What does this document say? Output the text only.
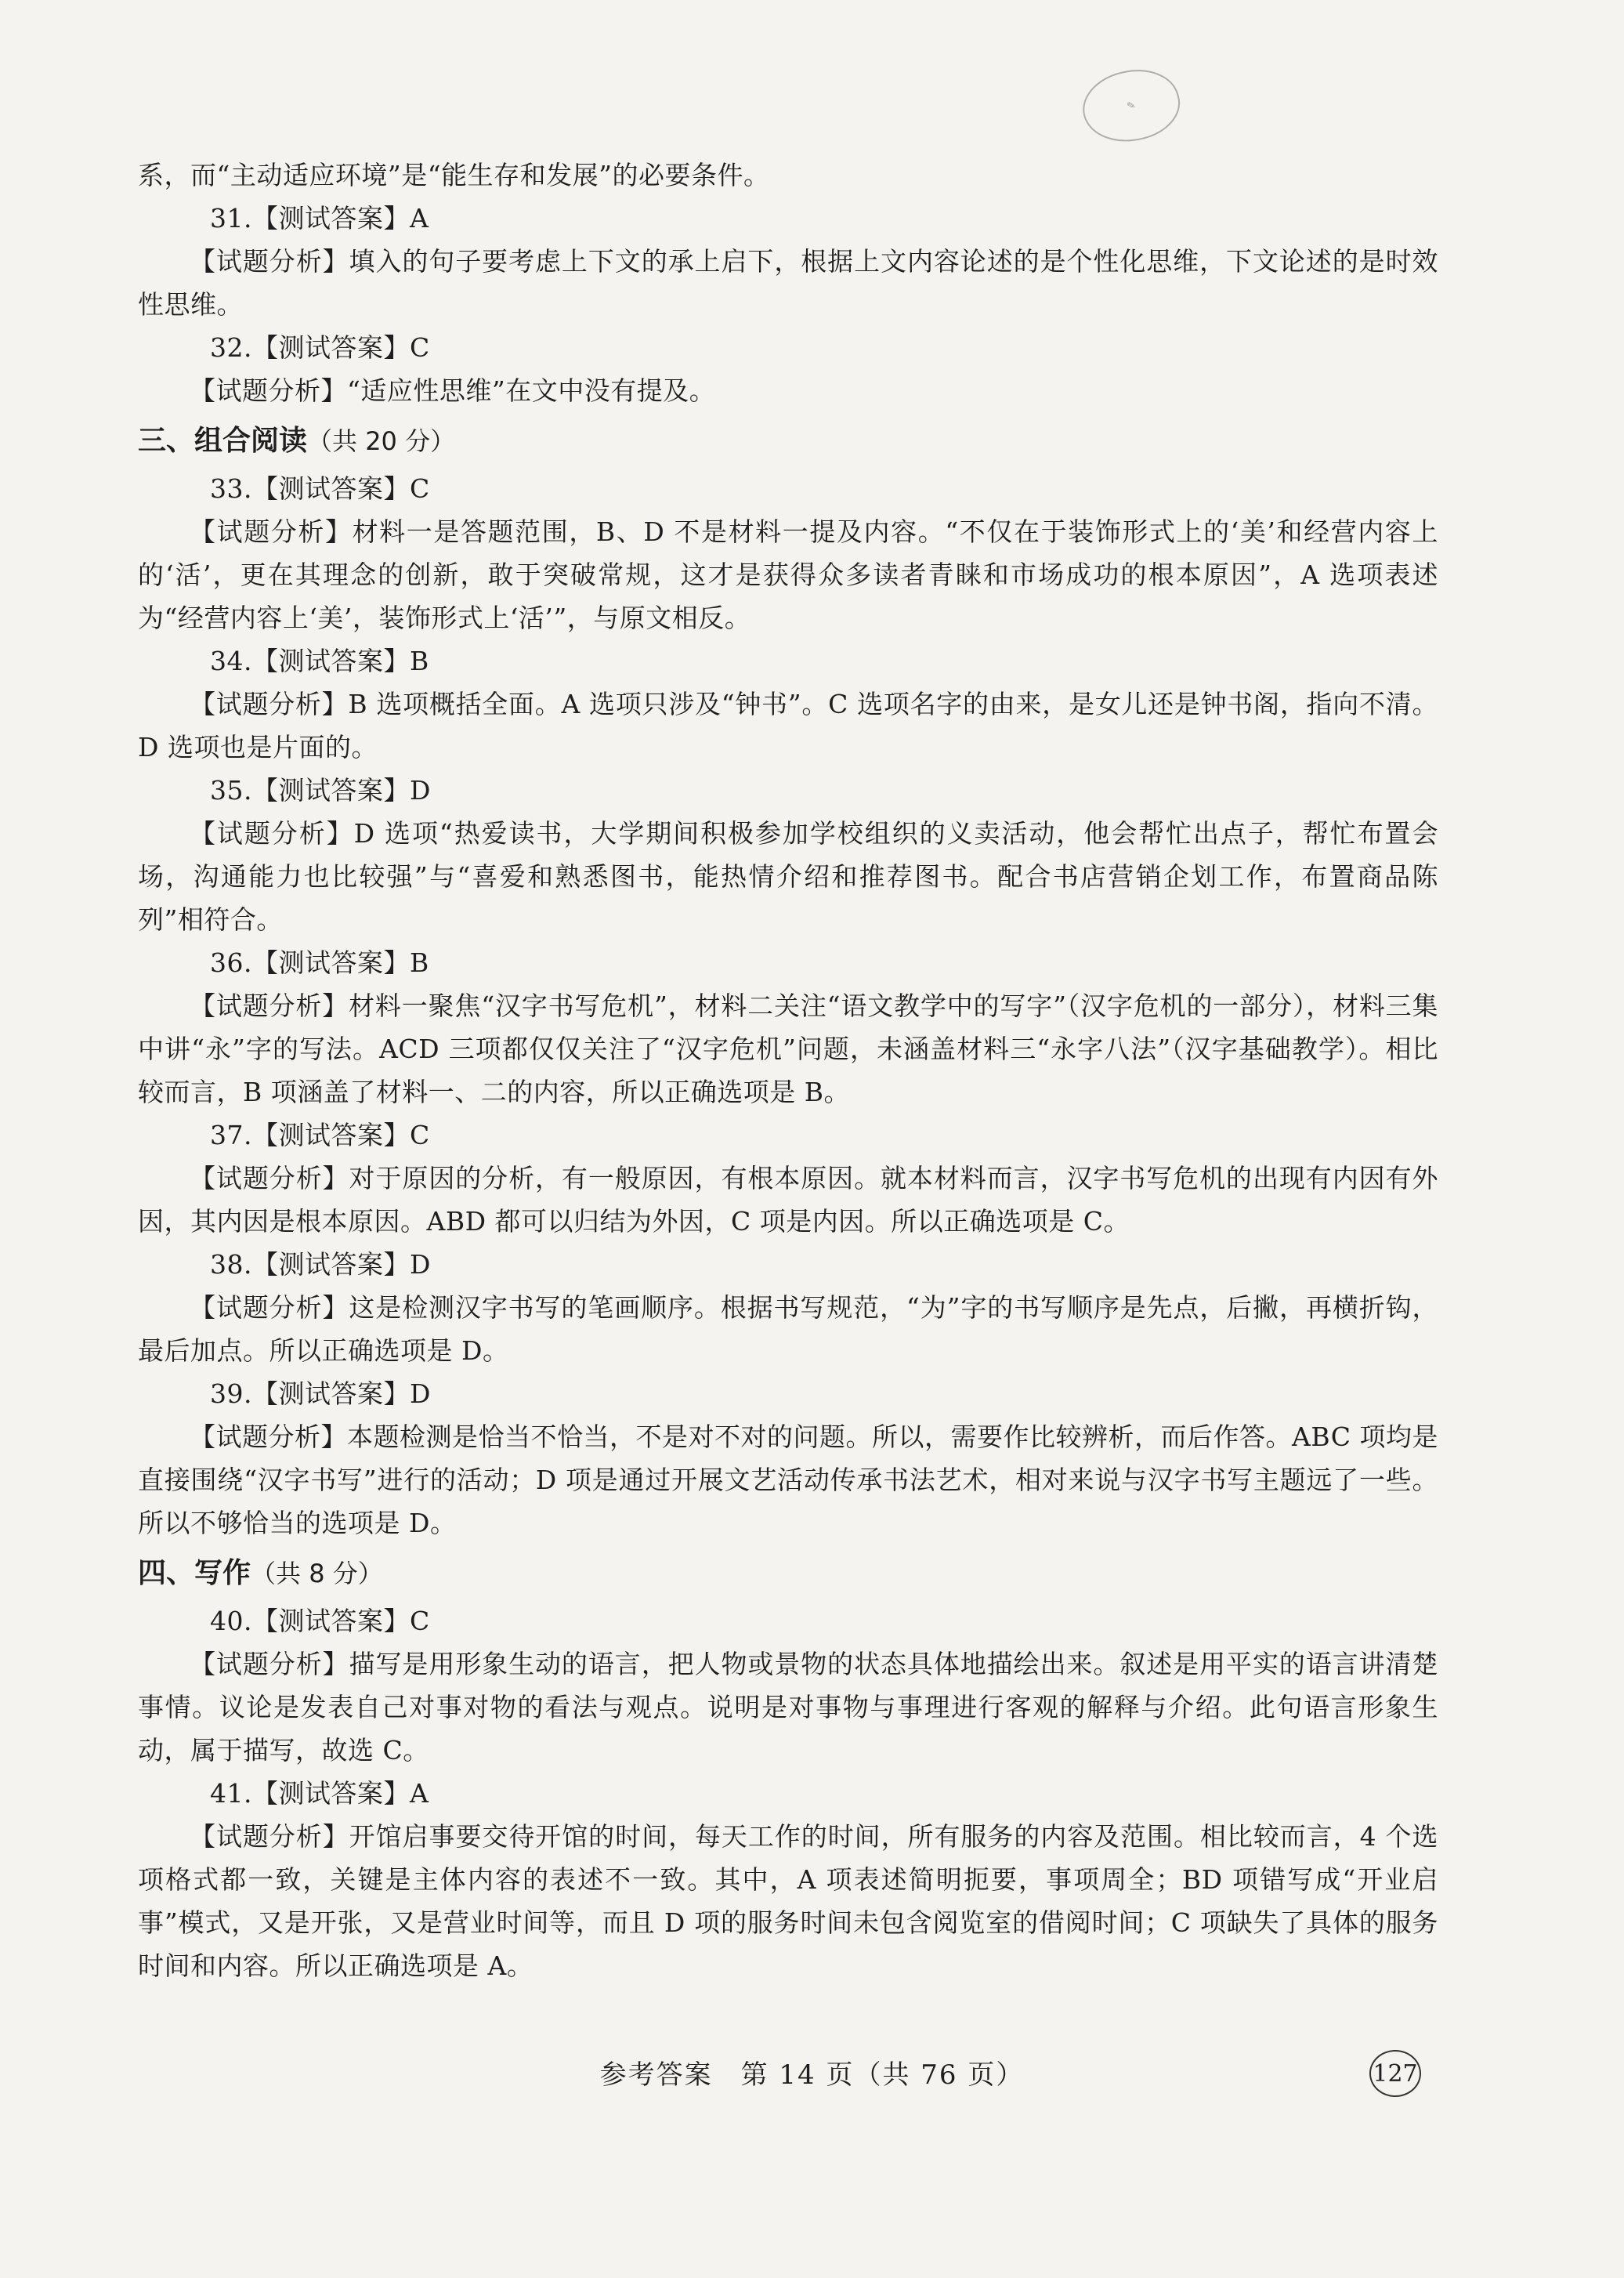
✎

系，而“主动适应环境”是“能生存和发展”的必要条件。

31.【测试答案】A

【试题分析】填入的句子要考虑上下文的承上启下，根据上文内容论述的是个性化思维，下文论述的是时效性思维。

32.【测试答案】C

【试题分析】“适应性思维”在文中没有提及。

三、组合阅读（共 20 分）

33.【测试答案】C

【试题分析】材料一是答题范围，B、D 不是材料一提及内容。“不仅在于装饰形式上的‘美’和经营内容上的‘活’，更在其理念的创新，敢于突破常规，这才是获得众多读者青睐和市场成功的根本原因”，A 选项表述为“经营内容上‘美’，装饰形式上‘活’”，与原文相反。

34.【测试答案】B

【试题分析】B 选项概括全面。A 选项只涉及“钟书”。C 选项名字的由来，是女儿还是钟书阁，指向不清。D 选项也是片面的。

35.【测试答案】D

【试题分析】D 选项“热爱读书，大学期间积极参加学校组织的义卖活动，他会帮忙出点子，帮忙布置会场，沟通能力也比较强”与“喜爱和熟悉图书，能热情介绍和推荐图书。配合书店营销企划工作，布置商品陈列”相符合。

36.【测试答案】B

【试题分析】材料一聚焦“汉字书写危机”，材料二关注“语文教学中的写字”（汉字危机的一部分），材料三集中讲“永”字的写法。ACD 三项都仅仅关注了“汉字危机”问题，未涵盖材料三“永字八法”（汉字基础教学）。相比较而言，B 项涵盖了材料一、二的内容，所以正确选项是 B。

37.【测试答案】C

【试题分析】对于原因的分析，有一般原因，有根本原因。就本材料而言，汉字书写危机的出现有内因有外因，其内因是根本原因。ABD 都可以归结为外因，C 项是内因。所以正确选项是 C。

38.【测试答案】D

【试题分析】这是检测汉字书写的笔画顺序。根据书写规范，“为”字的书写顺序是先点，后撇，再横折钩，最后加点。所以正确选项是 D。

39.【测试答案】D

【试题分析】本题检测是恰当不恰当，不是对不对的问题。所以，需要作比较辨析，而后作答。ABC 项均是直接围绕“汉字书写”进行的活动；D 项是通过开展文艺活动传承书法艺术，相对来说与汉字书写主题远了一些。所以不够恰当的选项是 D。

四、写作（共 8 分）

40.【测试答案】C

【试题分析】描写是用形象生动的语言，把人物或景物的状态具体地描绘出来。叙述是用平实的语言讲清楚事情。议论是发表自己对事对物的看法与观点。说明是对事物与事理进行客观的解释与介绍。此句语言形象生动，属于描写，故选 C。

41.【测试答案】A

【试题分析】开馆启事要交待开馆的时间，每天工作的时间，所有服务的内容及范围。相比较而言，4 个选项格式都一致，关键是主体内容的表述不一致。其中，A 项表述简明扼要，事项周全；BD 项错写成“开业启事”模式，又是开张，又是营业时间等，而且 D 项的服务时间未包含阅览室的借阅时间；C 项缺失了具体的服务时间和内容。所以正确选项是 A。

参考答案　第 14 页（共 76 页）	127
